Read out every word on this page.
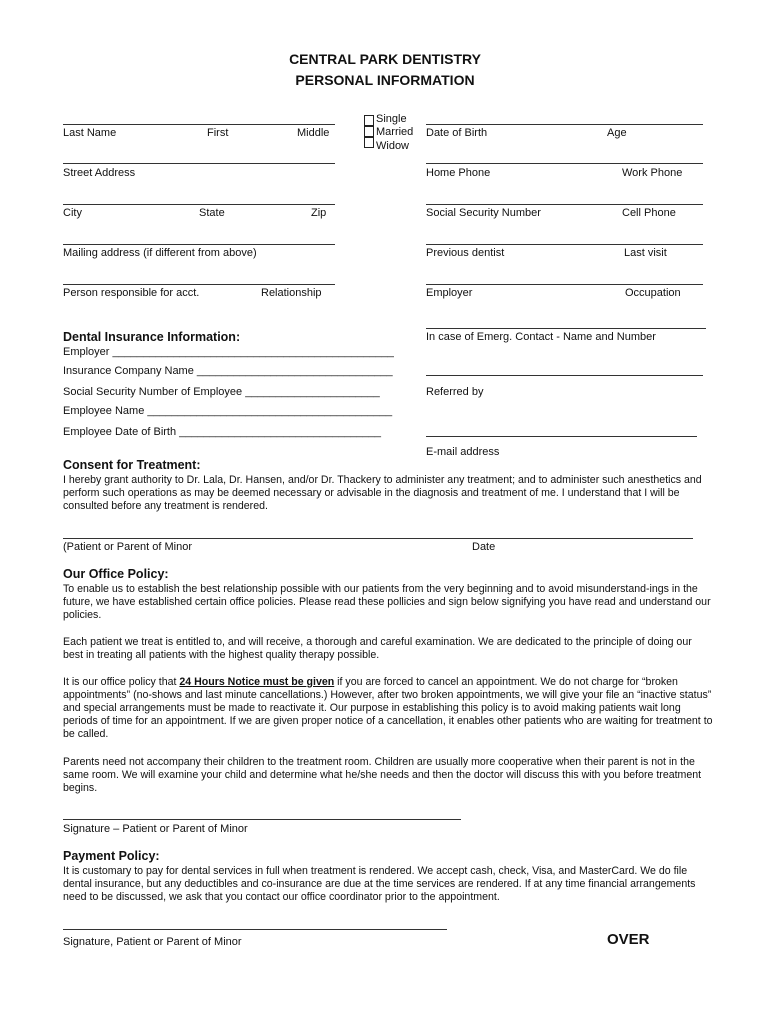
CENTRAL PARK DENTISTRY
PERSONAL INFORMATION
Last Name	First	Middle
Street Address
City	State	Zip
Mailing address (if different from above)
Person responsible for acct.	Relationship
Single
Married
Widow
Date of Birth	Age
Home Phone	Work Phone
Social Security Number	Cell Phone
Previous dentist	Last visit
Employer	Occupation
In case of Emerg. Contact - Name and Number
Referred by
E-mail address
Dental Insurance Information:
Employer ______________________________________________
Insurance Company Name ________________________________
Social Security Number of Employee ______________________
Employee Name ________________________________________
Employee Date of Birth _________________________________
Consent for Treatment:
I hereby grant authority to Dr. Lala, Dr. Hansen, and/or Dr. Thackery to administer any treatment; and to administer such anesthetics and perform such operations as may be deemed necessary or advisable in the diagnosis and treatment of me. I understand that I will be consulted before any treatment is rendered.
(Patient or Parent of Minor	Date
Our Office Policy:
To enable us to establish the best relationship possible with our patients from the very beginning and to avoid misunderstand-ings in the future, we have established certain office policies. Please read these pollicies and sign below signifying you have read and understand our policies.
Each patient we treat is entitled to, and will receive, a thorough and careful examination. We are dedicated to the principle of doing our best in treating all patients with the highest quality therapy possible.
It is our office policy that 24 Hours Notice must be given if you are forced to cancel an appointment. We do not charge for “broken appointments” (no-shows and last minute cancellations.) However, after two broken appointments, we will give your file an “inactive status” and special arrangements must be made to reactivate it. Our purpose in establishing this policy is to avoid making patients wait long periods of time for an appointment. If we are given proper notice of a cancellation, it enables other patients who are waiting for treatment to be called.
Parents need not accompany their children to the treatment room. Children are usually more cooperative when their parent is not in the same room. We will examine your child and determine what he/she needs and then the doctor will discuss this with you before treatment begins.
Signature – Patient or Parent of Minor
Payment Policy:
It is customary to pay for dental services in full when treatment is rendered. We accept cash, check, Visa, and MasterCard. We do file dental insurance, but any deductibles and co-insurance are due at the time services are rendered. If at any time financial arrangements need to be discussed, we ask that you contact our office coordinator prior to the appointment.
Signature, Patient or Parent of Minor	OVER
